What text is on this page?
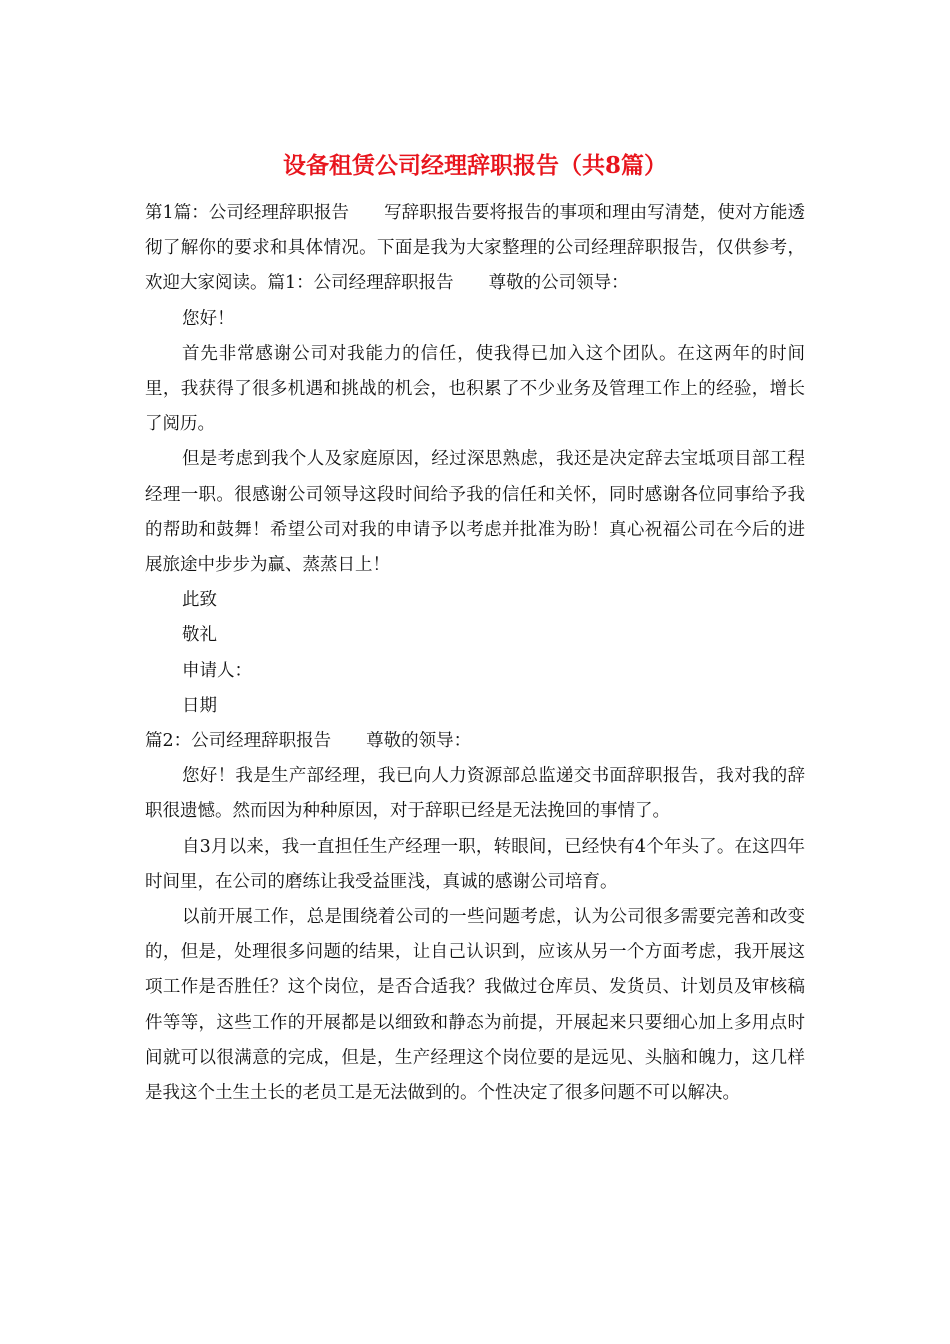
设备租赁公司经理辞职报告（共8篇）

第1篇：公司经理辞职报告 写辞职报告要将报告的事项和理由写清楚，使对方能透彻了解你的要求和具体情况。下面是我为大家整理的公司经理辞职报告，仅供参考，欢迎大家阅读。篇1：公司经理辞职报告 尊敬的公司领导：

您好！

首先非常感谢公司对我能力的信任，使我得已加入这个团队。在这两年的时间里，我获得了很多机遇和挑战的机会，也积累了不少业务及管理工作上的经验，增长了阅历。

但是考虑到我个人及家庭原因，经过深思熟虑，我还是决定辞去宝坻项目部工程经理一职。很感谢公司领导这段时间给予我的信任和关怀，同时感谢各位同事给予我的帮助和鼓舞！希望公司对我的申请予以考虑并批准为盼！真心祝福公司在今后的进展旅途中步步为赢、蒸蒸日上！

此致

敬礼

申请人：

日期

篇2：公司经理辞职报告 尊敬的领导：

您好！我是生产部经理，我已向人力资源部总监递交书面辞职报告，我对我的辞职很遗憾。然而因为种种原因，对于辞职已经是无法挽回的事情了。

自3月以来，我一直担任生产经理一职，转眼间，已经快有4个年头了。在这四年时间里，在公司的磨练让我受益匪浅，真诚的感谢公司培育。

以前开展工作，总是围绕着公司的一些问题考虑，认为公司很多需要完善和改变的，但是，处理很多问题的结果，让自己认识到，应该从另一个方面考虑，我开展这项工作是否胜任？这个岗位，是否合适我？我做过仓库员、发货员、计划员及审核稿件等等，这些工作的开展都是以细致和静态为前提，开展起来只要细心加上多用点时间就可以很满意的完成，但是，生产经理这个岗位要的是远见、头脑和魄力，这几样是我这个土生土长的老员工是无法做到的。个性决定了很多问题不可以解决。
